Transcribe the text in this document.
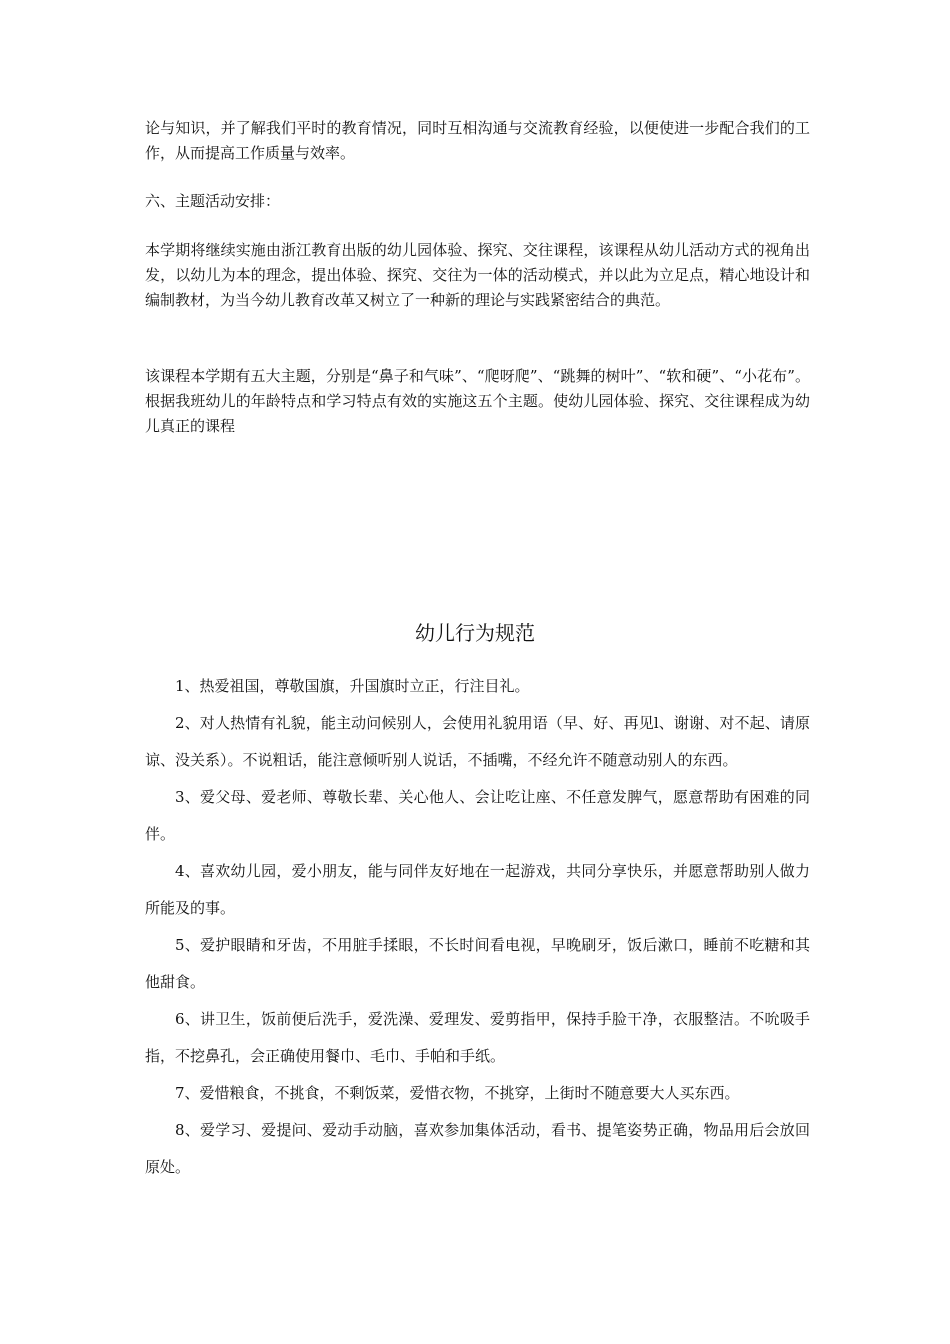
论与知识，并了解我们平时的教育情况，同时互相沟通与交流教育经验，以便使进一步配合我们的工作，从而提高工作质量与效率。

六、主题活动安排：

本学期将继续实施由浙江教育出版的幼儿园体验、探究、交往课程，该课程从幼儿活动方式的视角出发，以幼儿为本的理念，提出体验、探究、交往为一体的活动模式，并以此为立足点，精心地设计和编制教材，为当今幼儿教育改革又树立了一种新的理论与实践紧密结合的典范。

该课程本学期有五大主题，分别是“鼻子和气味”、“爬呀爬”、“跳舞的树叶”、“软和硬”、“小花布”。根据我班幼儿的年龄特点和学习特点有效的实施这五个主题。使幼儿园体验、探究、交往课程成为幼儿真正的课程

幼儿行为规范
1、热爱祖国，尊敬国旗，升国旗时立正，行注目礼。
2、对人热情有礼貌，能主动问候别人，会使用礼貌用语（早、好、再见l、谢谢、对不起、请原谅、没关系）。不说粗话，能注意倾听别人说话，不插嘴，不经允许不随意动别人的东西。
3、爱父母、爱老师、尊敬长辈、关心他人、会让吃让座、不任意发脾气，愿意帮助有困难的同伴。
4、喜欢幼儿园，爱小朋友，能与同伴友好地在一起游戏，共同分享快乐，并愿意帮助别人做力所能及的事。
5、爱护眼睛和牙齿，不用脏手揉眼，不长时间看电视，早晚刷牙，饭后漱口，睡前不吃糖和其他甜食。
6、讲卫生，饭前便后洗手，爱洗澡、爱理发、爱剪指甲，保持手脸干净，衣服整洁。不吮吸手指，不挖鼻孔，会正确使用餐巾、毛巾、手帕和手纸。
7、爱惜粮食，不挑食，不剩饭菜，爱惜衣物，不挑穿，上街时不随意要大人买东西。
8、爱学习、爱提问、爱动手动脑，喜欢参加集体活动，看书、提笔姿势正确，物品用后会放回原处。
